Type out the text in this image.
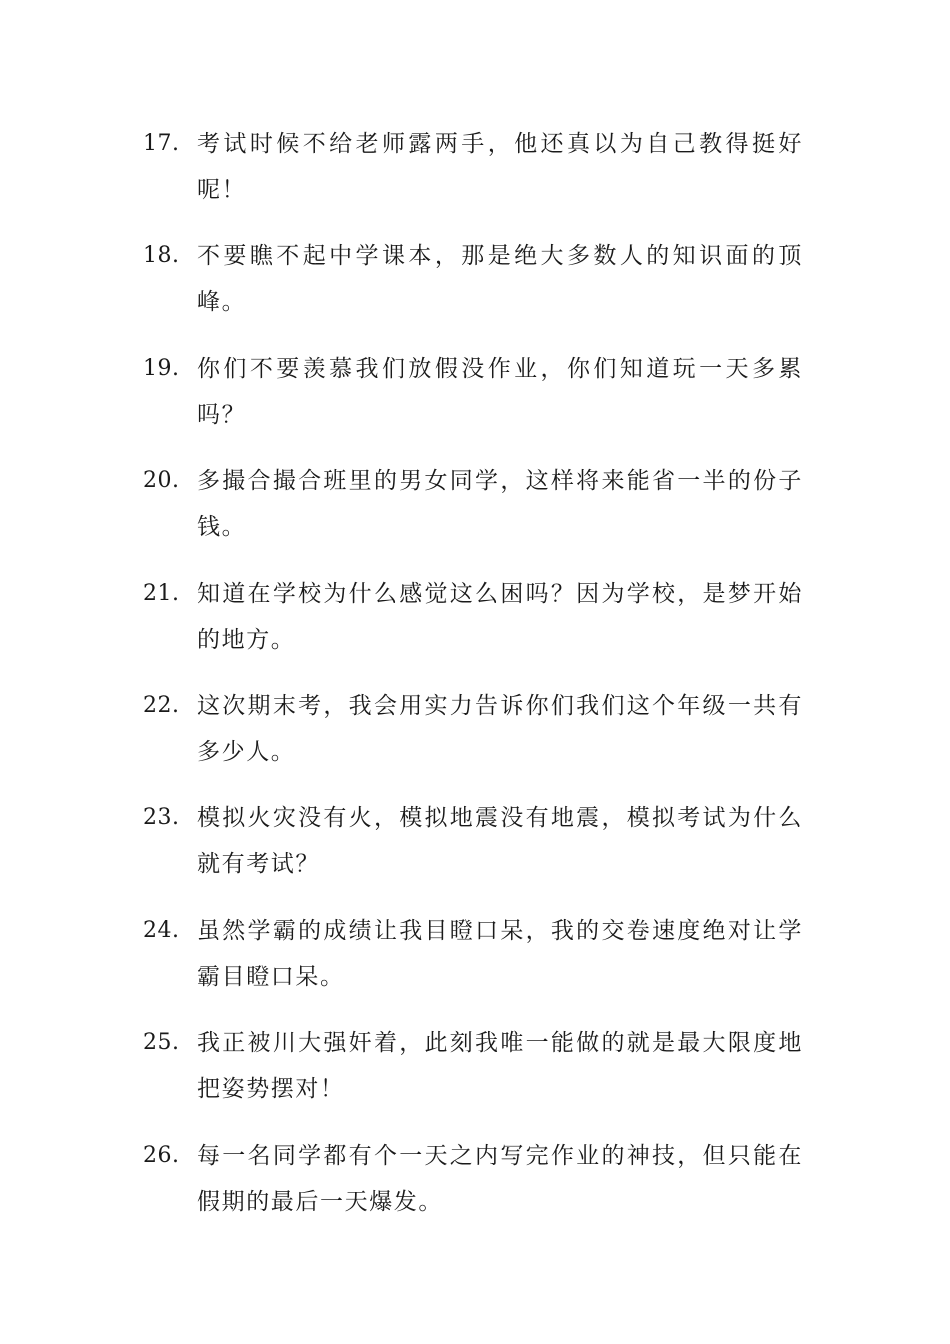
17. 考试时候不给老师露两手，他还真以为自己教得挺好呢！
18. 不要瞧不起中学课本，那是绝大多数人的知识面的顶峰。
19. 你们不要羡慕我们放假没作业，你们知道玩一天多累吗？
20. 多撮合撮合班里的男女同学，这样将来能省一半的份子钱。
21. 知道在学校为什么感觉这么困吗？因为学校，是梦开始的地方。
22. 这次期末考，我会用实力告诉你们我们这个年级一共有多少人。
23. 模拟火灾没有火，模拟地震没有地震，模拟考试为什么就有考试？
24. 虽然学霸的成绩让我目瞪口呆，我的交卷速度绝对让学霸目瞪口呆。
25. 我正被川大强奸着，此刻我唯一能做的就是最大限度地把姿势摆对！
26. 每一名同学都有个一天之内写完作业的神技，但只能在假期的最后一天爆发。
